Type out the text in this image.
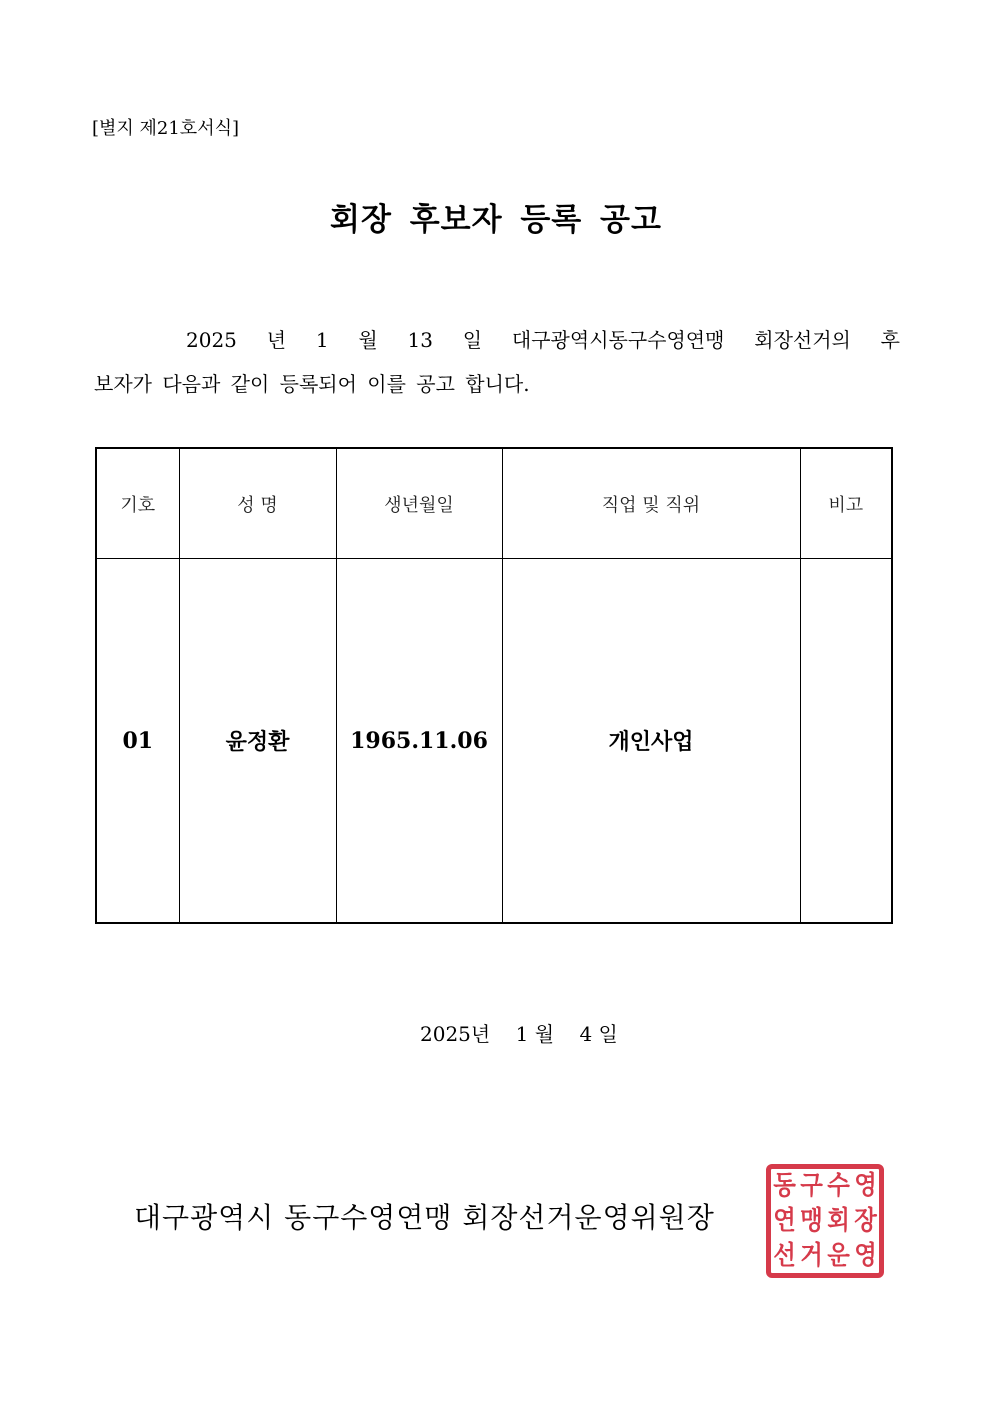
[별지 제21호서식]
회장 후보자 등록 공고
2025 년 1 월 13 일 대구광역시동구수영연맹 회장선거의 후
보자가 다음과 같이 등록되어 이를 공고 합니다.
기호	성 명	생년월일	직업 및 직위	비고
01	윤정환	1965.11.06	개인사업	
2025년    1 월    4 일
대구광역시 동구수영연맹 회장선거운영위원장
동 구 수 영
연 맹 회 장
선 거 운 영
